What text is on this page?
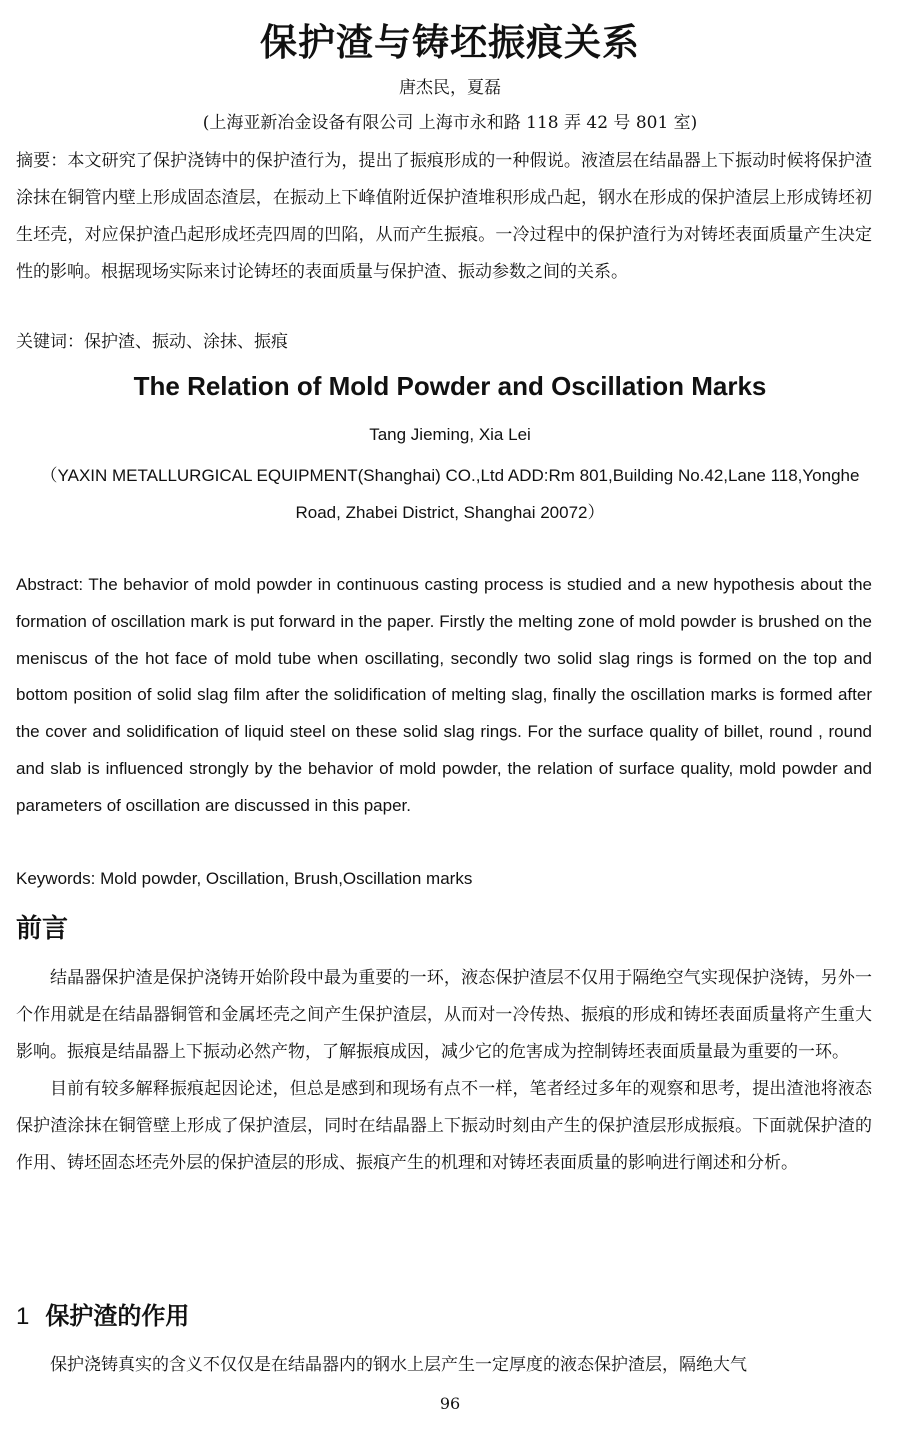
保护渣与铸坯振痕关系
唐杰民，夏磊
(上海亚新冶金设备有限公司 上海市永和路 118 弄 42 号 801 室)
摘要：本文研究了保护浇铸中的保护渣行为，提出了振痕形成的一种假说。液渣层在结晶器上下振动时候将保护渣涂抹在铜管内壁上形成固态渣层，在振动上下峰值附近保护渣堆积形成凸起，钢水在形成的保护渣层上形成铸坯初生坯壳，对应保护渣凸起形成坯壳四周的凹陷，从而产生振痕。一冷过程中的保护渣行为对铸坯表面质量产生决定性的影响。根据现场实际来讨论铸坯的表面质量与保护渣、振动参数之间的关系。
关键词：保护渣、振动、涂抹、振痕
The Relation of Mold Powder and Oscillation Marks
Tang Jieming, Xia Lei
（YAXIN METALLURGICAL EQUIPMENT(Shanghai) CO.,Ltd ADD:Rm 801,Building No.42,Lane 118,Yonghe Road, Zhabei District, Shanghai 20072）
Abstract: The behavior of mold powder in continuous casting process is studied and a new hypothesis about the formation of oscillation mark is put forward in the paper. Firstly the melting zone of mold powder is brushed on the meniscus of the hot face of mold tube when oscillating, secondly two solid slag rings is formed on the top and bottom position of solid slag film after the solidification of melting slag, finally the oscillation marks is formed after the cover and solidification of liquid steel on these solid slag rings. For the surface quality of billet, round , round and slab is influenced strongly by the behavior of mold powder, the relation of surface quality, mold powder and parameters of oscillation are discussed in this paper.
Keywords: Mold powder, Oscillation, Brush,Oscillation marks
前言

结晶器保护渣是保护浇铸开始阶段中最为重要的一环，液态保护渣层不仅用于隔绝空气实现保护浇铸，另外一个作用就是在结晶器铜管和金属坯壳之间产生保护渣层，从而对一冷传热、振痕的形成和铸坯表面质量将产生重大影响。振痕是结晶器上下振动必然产物，了解振痕成因，减少它的危害成为控制铸坯表面质量最为重要的一环。

目前有较多解释振痕起因论述，但总是感到和现场有点不一样，笔者经过多年的观察和思考，提出渣池将液态保护渣涂抹在铜管壁上形成了保护渣层，同时在结晶器上下振动时刻由产生的保护渣层形成振痕。下面就保护渣的作用、铸坯固态坯壳外层的保护渣层的形成、振痕产生的机理和对铸坯表面质量的影响进行阐述和分析。

1 保护渣的作用
保护浇铸真实的含义不仅仅是在结晶器内的钢水上层产生一定厚度的液态保护渣层，隔绝大气
96
